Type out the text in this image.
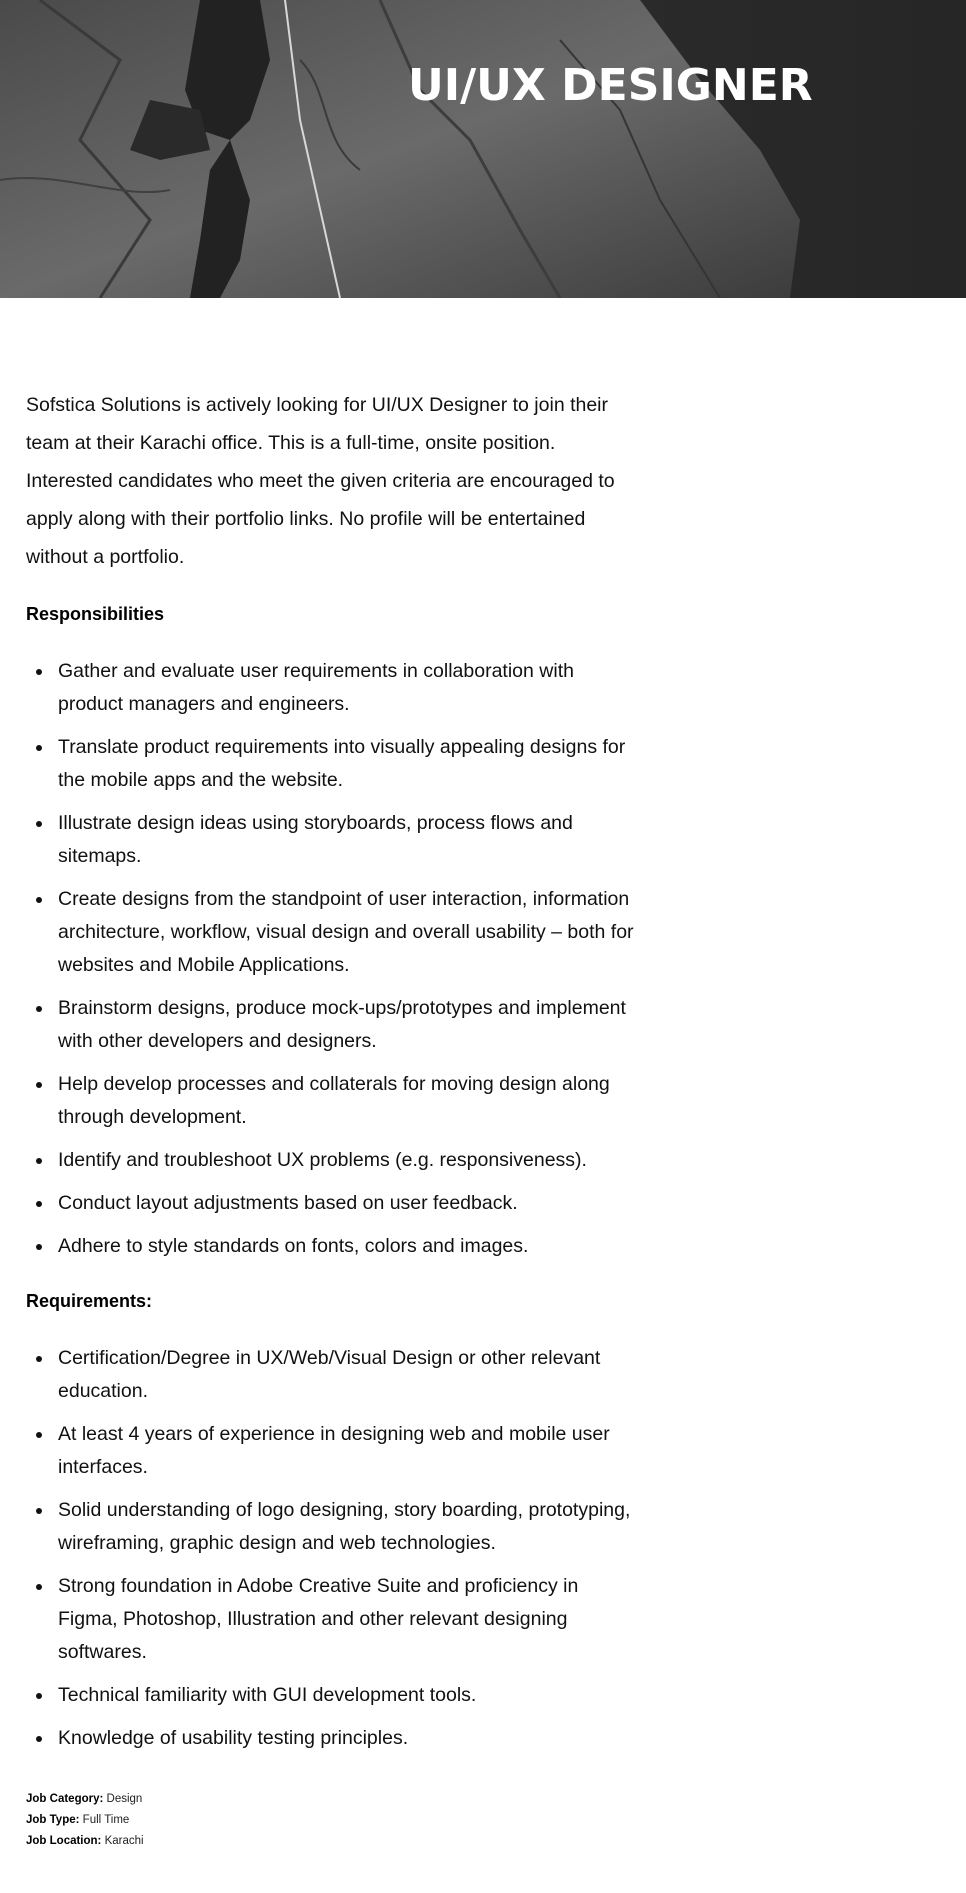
UI/UX DESIGNER

Sofstica Solutions is actively looking for UI/UX Designer to join their team at their Karachi office. This is a full-time, onsite position. Interested candidates who meet the given criteria are encouraged to apply along with their portfolio links. No profile will be entertained without a portfolio.

Responsibilities
Gather and evaluate user requirements in collaboration with product managers and engineers.
Translate product requirements into visually appealing designs for the mobile apps and the website.
Illustrate design ideas using storyboards, process flows and sitemaps.
Create designs from the standpoint of user interaction, information architecture, workflow, visual design and overall usability – both for websites and Mobile Applications.
Brainstorm designs, produce mock-ups/prototypes and implement with other developers and designers.
Help develop processes and collaterals for moving design along through development.
Identify and troubleshoot UX problems (e.g. responsiveness).
Conduct layout adjustments based on user feedback.
Adhere to style standards on fonts, colors and images.
Requirements:
Certification/Degree in UX/Web/Visual Design or other relevant education.
At least 4 years of experience in designing web and mobile user interfaces.
Solid understanding of logo designing, story boarding, prototyping, wireframing, graphic design and web technologies.
Strong foundation in Adobe Creative Suite and proficiency in Figma, Photoshop, Illustration and other relevant designing softwares.
Technical familiarity with GUI development tools.
Knowledge of usability testing principles.
Job Category: Design
Job Type: Full Time
Job Location: Karachi
